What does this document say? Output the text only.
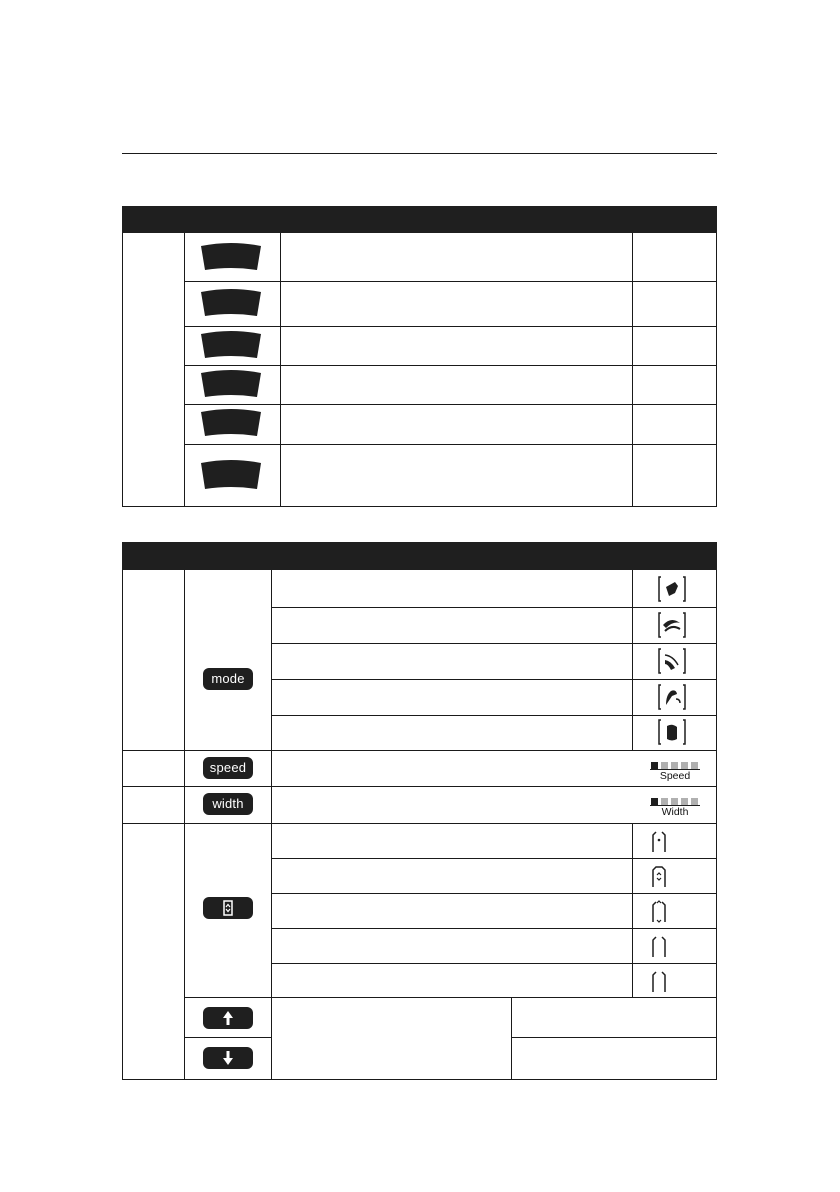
mode
speed
width
Speed
Width
